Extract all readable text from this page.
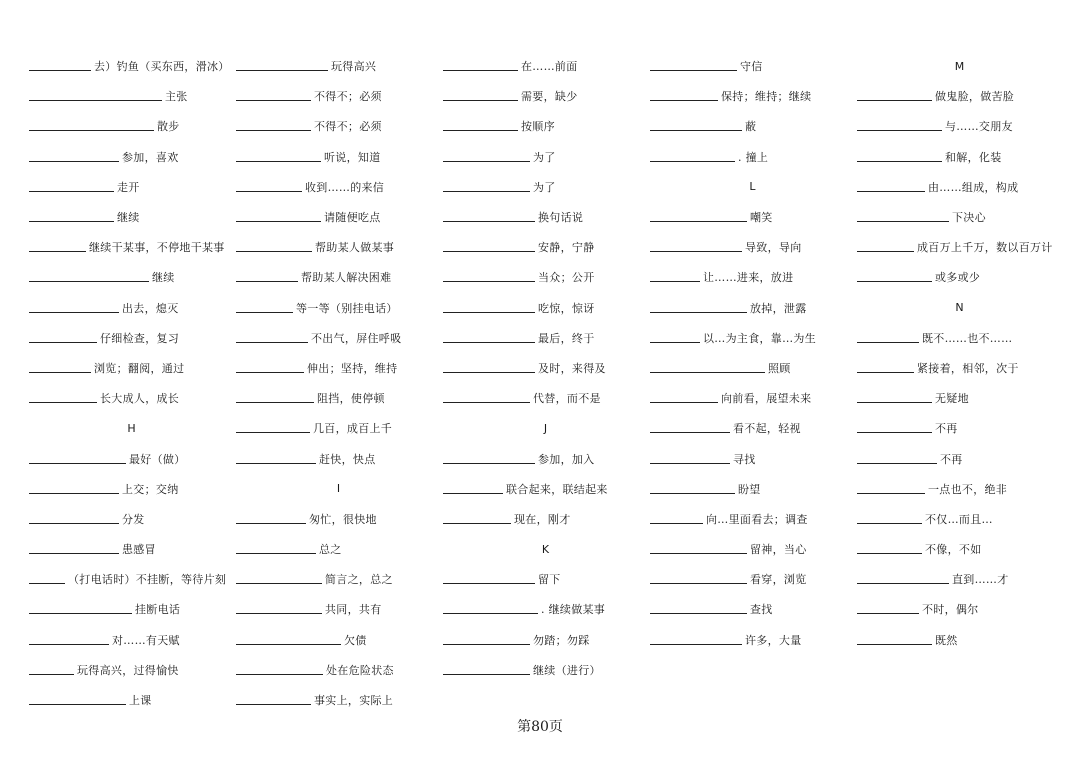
去）钓鱼（买东西，滑冰）
主张
散步
参加，喜欢
走开
继续
继续干某事，不停地干某事
继续
出去，熄灭
仔细检查，复习
浏览；翻阅，通过
长大成人，成长
H
最好（做）
上交；交纳
分发
患感冒
（打电话时）不挂断，等待片刻
挂断电话
对……有天赋
玩得高兴，过得愉快
上课
玩得高兴
不得不；必须
不得不；必须
听说，知道
收到……的来信
请随便吃点
帮助某人做某事
帮助某人解决困难
等一等（别挂电话）
不出气，屏住呼吸
伸出；坚持，维持
阻挡，使停顿
几百，成百上千
赶快，快点
I
匆忙，很快地
总之
简言之，总之
共同，共有
欠债
处在危险状态
事实上，实际上
在……前面
需要，缺少
按顺序
为了
为了
换句话说
安静，宁静
当众；公开
吃惊，惊讶
最后，终于
及时，来得及
代替，而不是
J
参加，加入
联合起来，联结起来
现在，刚才
K
留下
. 继续做某事
勿踏；勿踩
继续（进行）
守信
保持；维持；继续
蔽
. 撞上
L
嘲笑
导致，导向
让……进来，放进
放掉，泄露
以…为主食，靠…为生
照顾
向前看，展望未来
看不起，轻视
寻找
盼望
向…里面看去；调查
留神，当心
看穿，浏览
查找
许多，大量
M
做鬼脸，做苦脸
与……交朋友
和解，化装
由……组成，构成
下决心
成百万上千万，数以百万计
或多或少
N
既不……也不……
紧接着，相邻，次于
无疑地
不再
不再
一点也不，绝非
不仅…而且…
不像，不如
直到……才
不时，偶尔
既然
第80页
